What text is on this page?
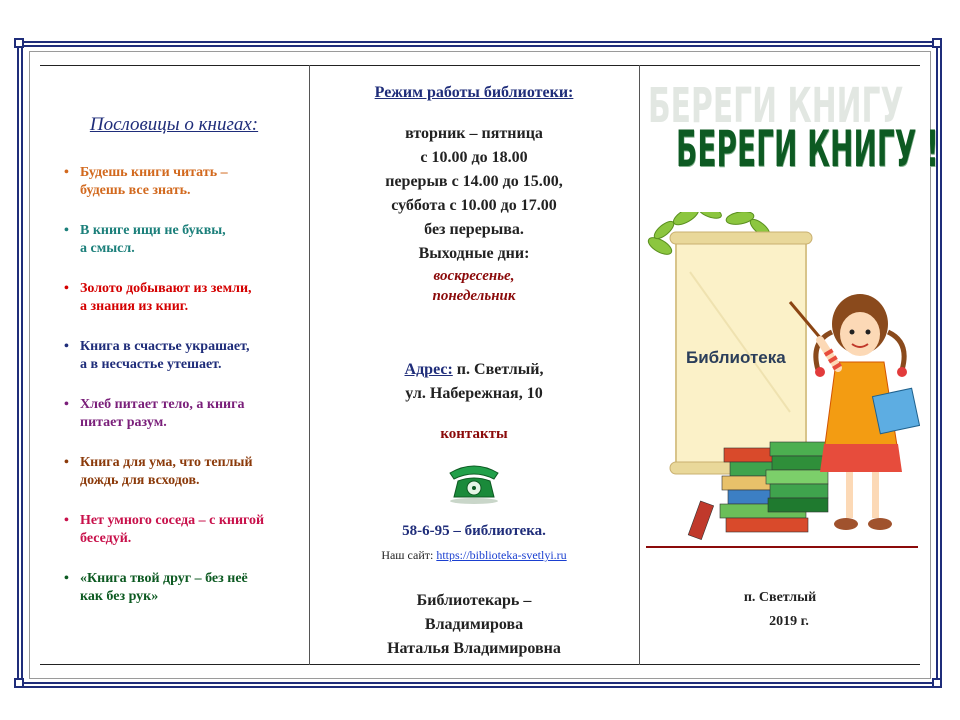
Пословицы о книгах:
• Будешь книги читать –
будешь все знать.
• В книге ищи не буквы,
а смысл.
• Золото добывают из земли,
а знания из книг.
• Книга в счастье украшает,
а в несчастье утешает.
• Хлеб питает тело, а книга
питает разум.
• Книга для ума, что теплый
дождь для всходов.
• Нет умного соседа – с книгой
беседуй.
• «Книга твой друг – без неё
как без рук»
Режим работы библиотеки:
вторник – пятница
с 10.00 до 18.00
перерыв с 14.00 до 15.00,
суббота с 10.00 до 17.00
без перерыва.
Выходные дни:
воскресенье,
понедельник
Адрес: п. Светлый,
ул. Набережная, 10
контакты
58-6-95 – библиотека.
Наш сайт: https://biblioteka-svetlyi.ru
Библиотекарь –
Владимирова
Наталья Владимировна
БЕРЕГИ КНИГУ
БЕРЕГИ КНИГУ !
Библиотека
п. Светлый
2019 г.
